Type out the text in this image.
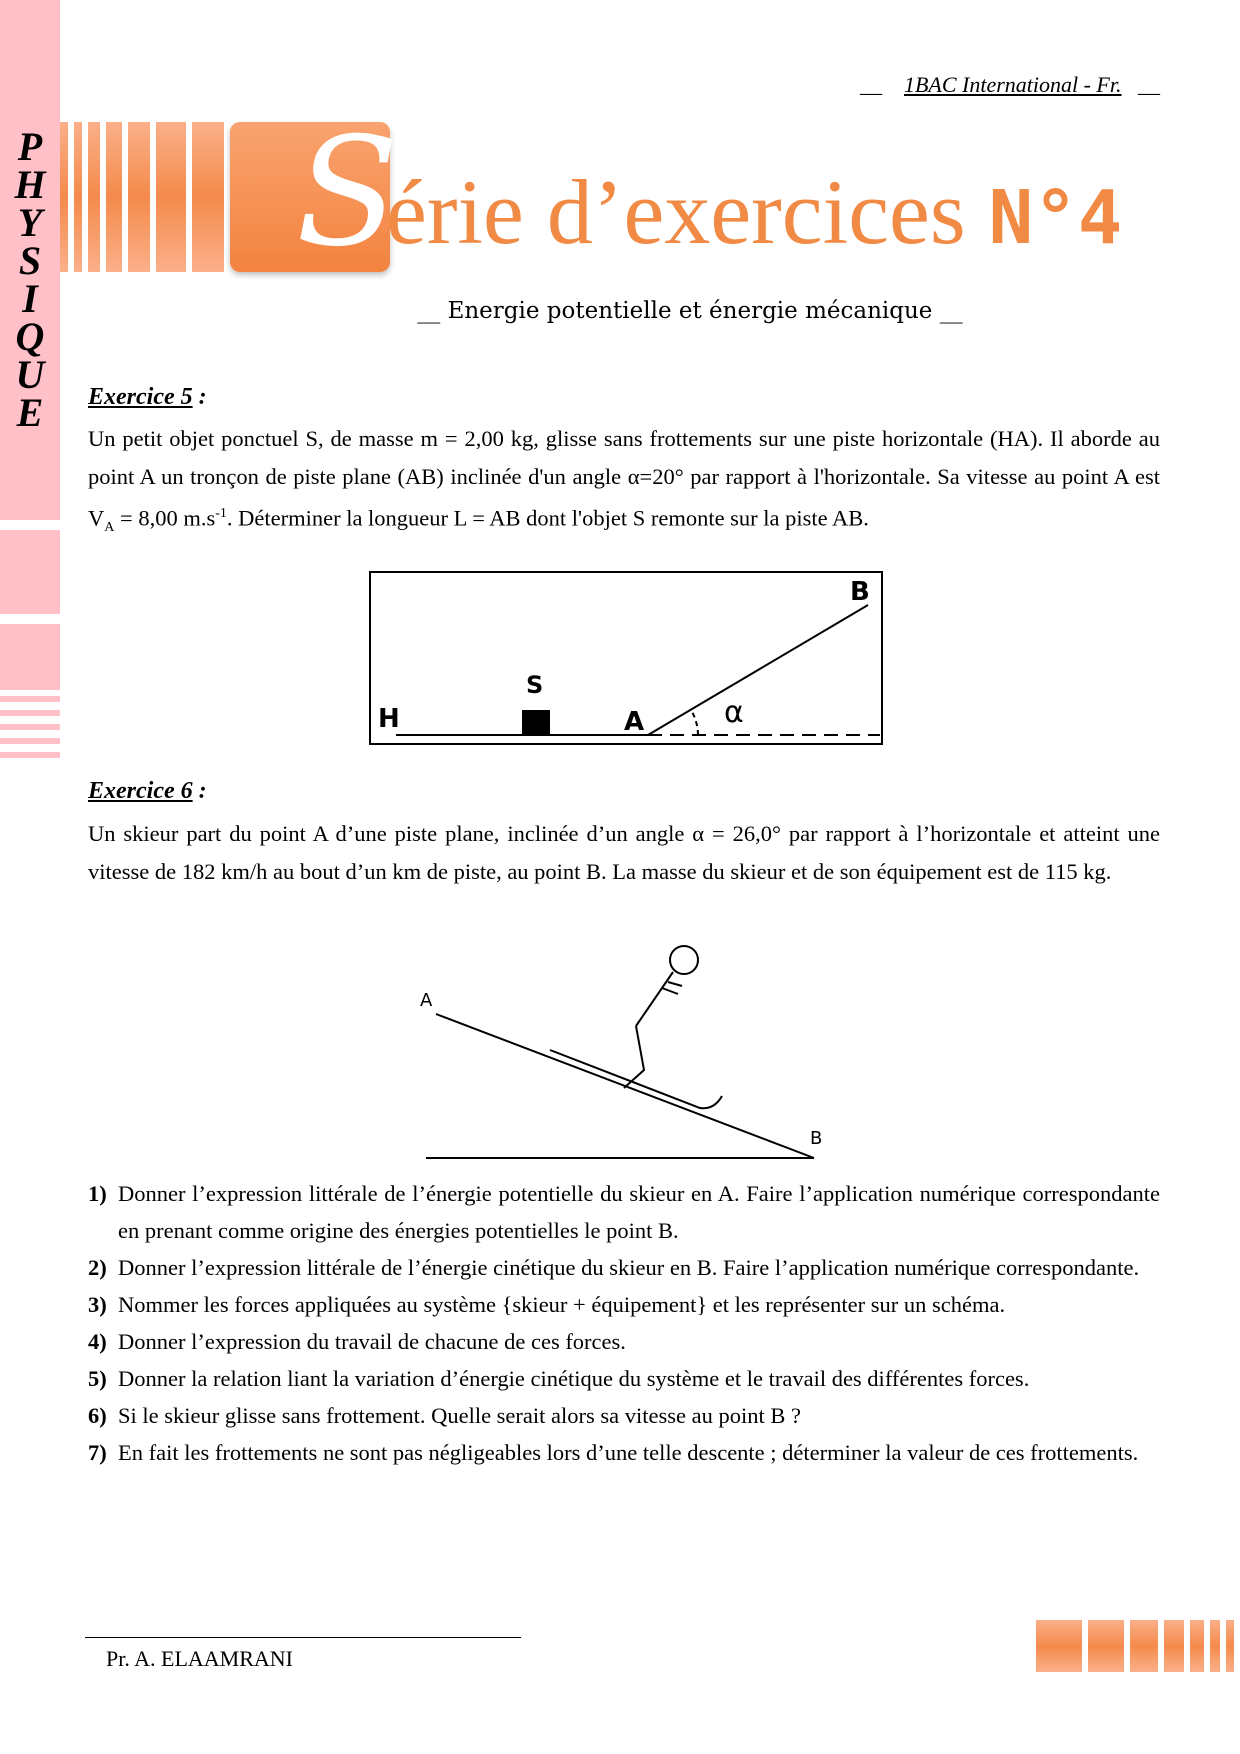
P
H
Y
S
I
Q
U
E
__ 1BAC International - Fr. __
S
érie d’exercices N°4
__ Energie potentielle et énergie mécanique __
Exercice 5 :
Un petit objet ponctuel S, de masse m = 2,00 kg, glisse sans frottements sur une piste horizontale (HA). Il aborde au point A un tronçon de piste plane (AB) inclinée d'un angle α=20° par rapport à l'horizontale. Sa vitesse au point A est $V_A = 8,00$ $m.s^{-1}$. Déterminer la longueur L = AB dont l'objet S remonte sur la piste AB.
H
S
A
B
α
Exercice 6 :
Un skieur part du point A d’une piste plane, inclinée d’un angle α = 26,0° par rapport à l’horizontale et atteint une vitesse de 182 km/h au bout d’un km de piste, au point B. La masse du skieur et de son équipement est de 115 kg.
A
B
1) Donner l’expression littérale de l’énergie potentielle du skieur en A. Faire l’application numérique correspondante en prenant comme origine des énergies potentielles le point B.
2) Donner l’expression littérale de l’énergie cinétique du skieur en B. Faire l’application numérique correspondante.
3) Nommer les forces appliquées au système {skieur + équipement} et les représenter sur un schéma.
4) Donner l’expression du travail de chacune de ces forces.
5) Donner la relation liant la variation d’énergie cinétique du système et le travail des différentes forces.
6) Si le skieur glisse sans frottement. Quelle serait alors sa vitesse au point B ?
7) En fait les frottements ne sont pas négligeables lors d’une telle descente ; déterminer la valeur de ces frottements.
Pr. A. ELAAMRANI
